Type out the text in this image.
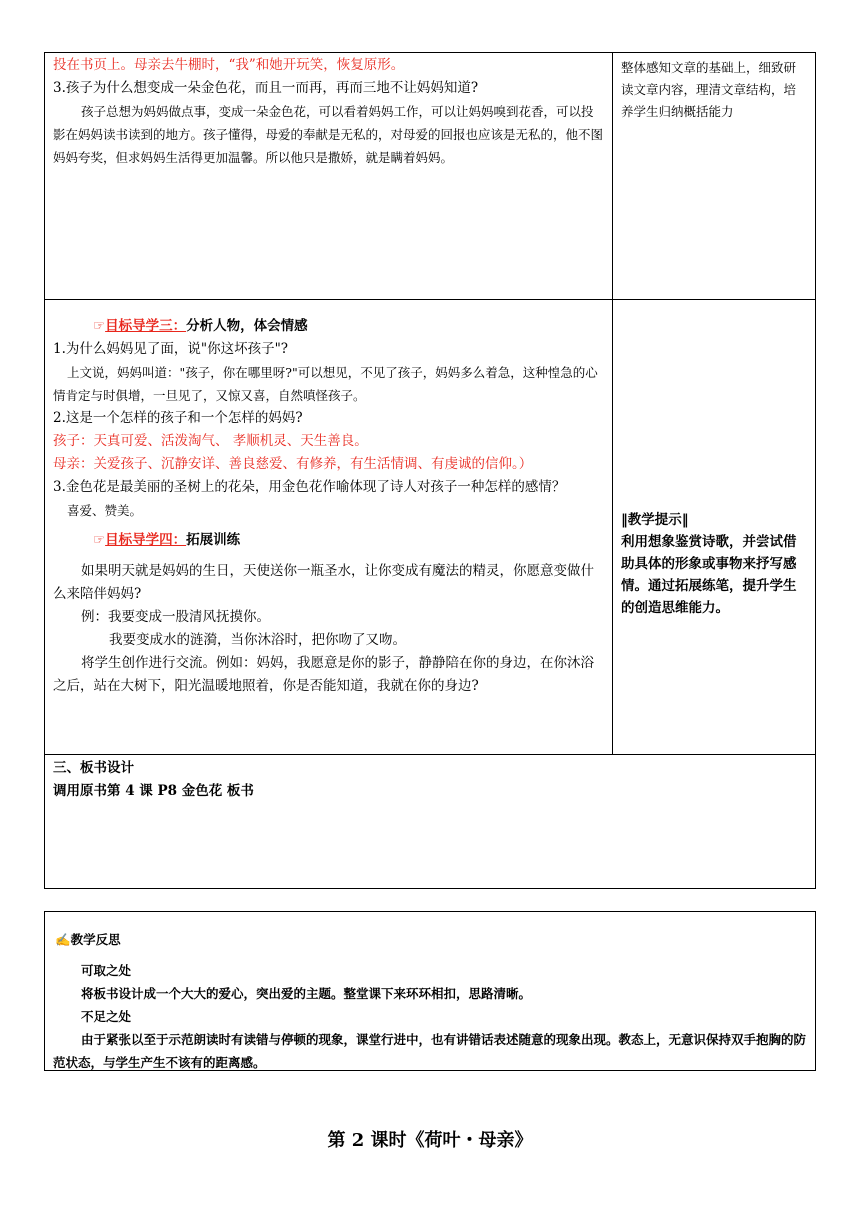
投在书页上。母亲去牛棚时，“我”和她开玩笑，恢复原形。

3.孩子为什么想变成一朵金色花，而且一而再，再而三地不让妈妈知道?

孩子总想为妈妈做点事，变成一朵金色花，可以看着妈妈工作，可以让妈妈嗅到花香，可以投影在妈妈读书读到的地方。孩子懂得，母爱的奉献是无私的，对母爱的回报也应该是无私的，他不图妈妈夸奖，但求妈妈生活得更加温馨。所以他只是撒娇，就是瞒着妈妈。

整体感知文章的基础上，细致研读文章内容，理清文章结构，培养学生归纳概括能力

☞目标导学三：分析人物，体会情感

1.为什么妈妈见了面，说"你这坏孩子"?

上文说，妈妈叫道："孩子，你在哪里呀?"可以想见，不见了孩子，妈妈多么着急，这种惶急的心情肯定与时俱增，一旦见了，又惊又喜，自然嗔怪孩子。

2.这是一个怎样的孩子和一个怎样的妈妈?

孩子：天真可爱、活泼淘气、 孝顺机灵、天生善良。

母亲：关爱孩子、沉静安详、善良慈爱、有修养，有生活情调、有虔诚的信仰。）

3.金色花是最美丽的圣树上的花朵，用金色花作喻体现了诗人对孩子一种怎样的感情？

喜爱、赞美。

☞目标导学四：拓展训练

如果明天就是妈妈的生日，天使送你一瓶圣水，让你变成有魔法的精灵，你愿意变做什么来陪伴妈妈?

例：我要变成一股清风抚摸你。

我要变成水的涟漪，当你沐浴时，把你吻了又吻。

将学生创作进行交流。例如：妈妈，我愿意是你的影子，静静陪在你的身边，在你沐浴之后，站在大树下，阳光温暖地照着，你是否能知道，我就在你的身边?

‖教学提示‖

利用想象鉴赏诗歌，并尝试借助具体的形象或事物来抒写感情。通过拓展练笔，提升学生的创造思维能力。

三、板书设计

调用原书第 4 课 P8 金色花 板书

✍教学反思

可取之处

将板书设计成一个大大的爱心，突出爱的主题。整堂课下来环环相扣，思路清晰。

不足之处

由于紧张以至于示范朗读时有读错与停顿的现象，课堂行进中，也有讲错话表述随意的现象出现。教态上，无意识保持双手抱胸的防范状态，与学生产生不该有的距离感。

第 2 课时《荷叶・母亲》
